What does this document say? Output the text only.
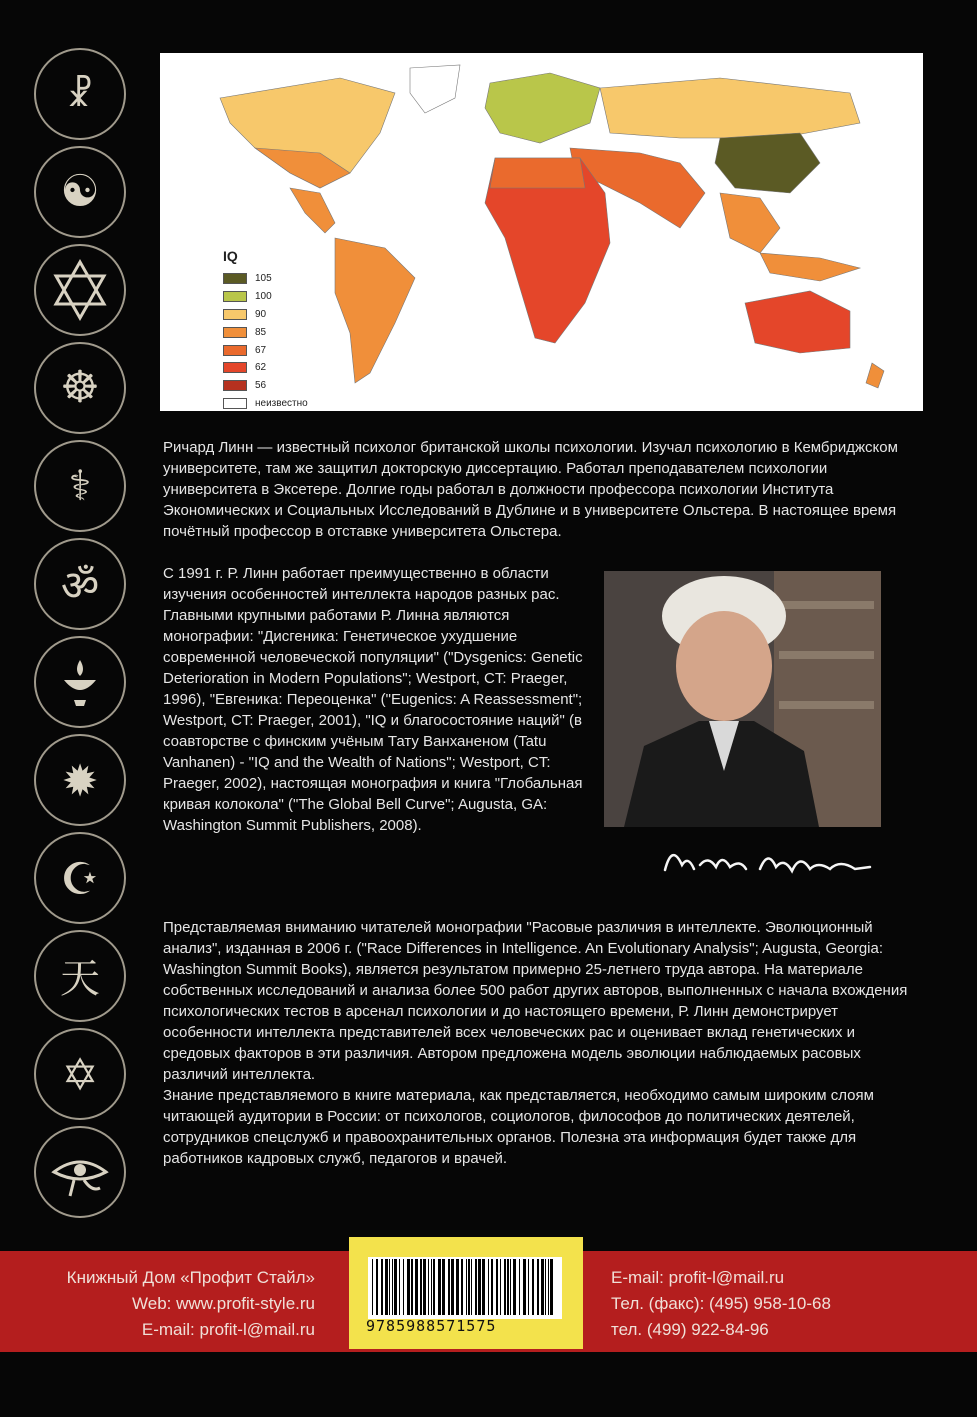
☧
☯
☸
⚕
ॐ
✹
☪
天
✡
IQ
105
100
90
85
67
62
56
неизвестно

Ричард Линн — известный психолог британской школы психологии. Изучал психологию в Кембриджском университете, там же защитил докторскую диссертацию. Работал преподавателем психологии университета в Эксетере. Долгие годы работал в должности профессора психологии Института Экономических и Социальных Исследований в Дублине и в университете Ольстера. В настоящее время почётный профессор в отставке университета Ольстера.

С 1991 г. Р. Линн работает преимущественно в области изучения особенностей интеллекта народов разных рас. Главными крупными работами Р. Линна являются монографии: "Дисгеника: Генетическое ухудшение современной человеческой популяции" ("Dysgenics: Genetic Deterioration in Modern Populations"; Westport, CT: Praeger, 1996), "Евгеника: Переоценка" ("Eugenics: A Reassessment"; Westport, CT: Praeger, 2001), "IQ и благосостояние наций" (в соавторстве с финским учёным Тату Ванханеном (Tatu Vanhanen) - "IQ and the Wealth of Nations"; Westport, CT: Praeger, 2002), настоящая монография и книга "Глобальная кривая колокола" ("The Global Bell Curve"; Augusta, GA: Washington Summit Publishers, 2008).

Представляемая вниманию читателей монографии "Расовые различия в интеллекте. Эволюционный анализ", изданная в 2006 г. ("Race Differences in Intelligence. An Evolutionary Analysis"; Augusta, Georgia: Washington Summit Books), является результатом примерно 25-летнего труда автора. На материале собственных исследований и анализа более 500 работ других авторов, выполненных с начала вхождения психологических тестов в арсенал психологии и до настоящего времени, Р. Линн демонстрирует особенности интеллекта представителей всех человеческих рас и оценивает вклад генетических и средовых факторов в эти различия. Автором предложена модель эволюции наблюдаемых расовых различий интеллекта.

Знание представляемого в книге материала, как представляется, необходимо самым широким слоям читающей аудитории в России: от психологов, социологов, философов до политических деятелей, сотрудников спецслужб и правоохранительных органов. Полезна эта информация будет также для работников кадровых служб, педагогов и врачей.

Книжный Дом «Профит Стайл»

Web: www.profit-style.ru

E-mail: profit-l@mail.ru	9785988571575

E-mail: profit-l@mail.ru

Тел. (факс): (495) 958-10-68

тел. (499) 922-84-96
